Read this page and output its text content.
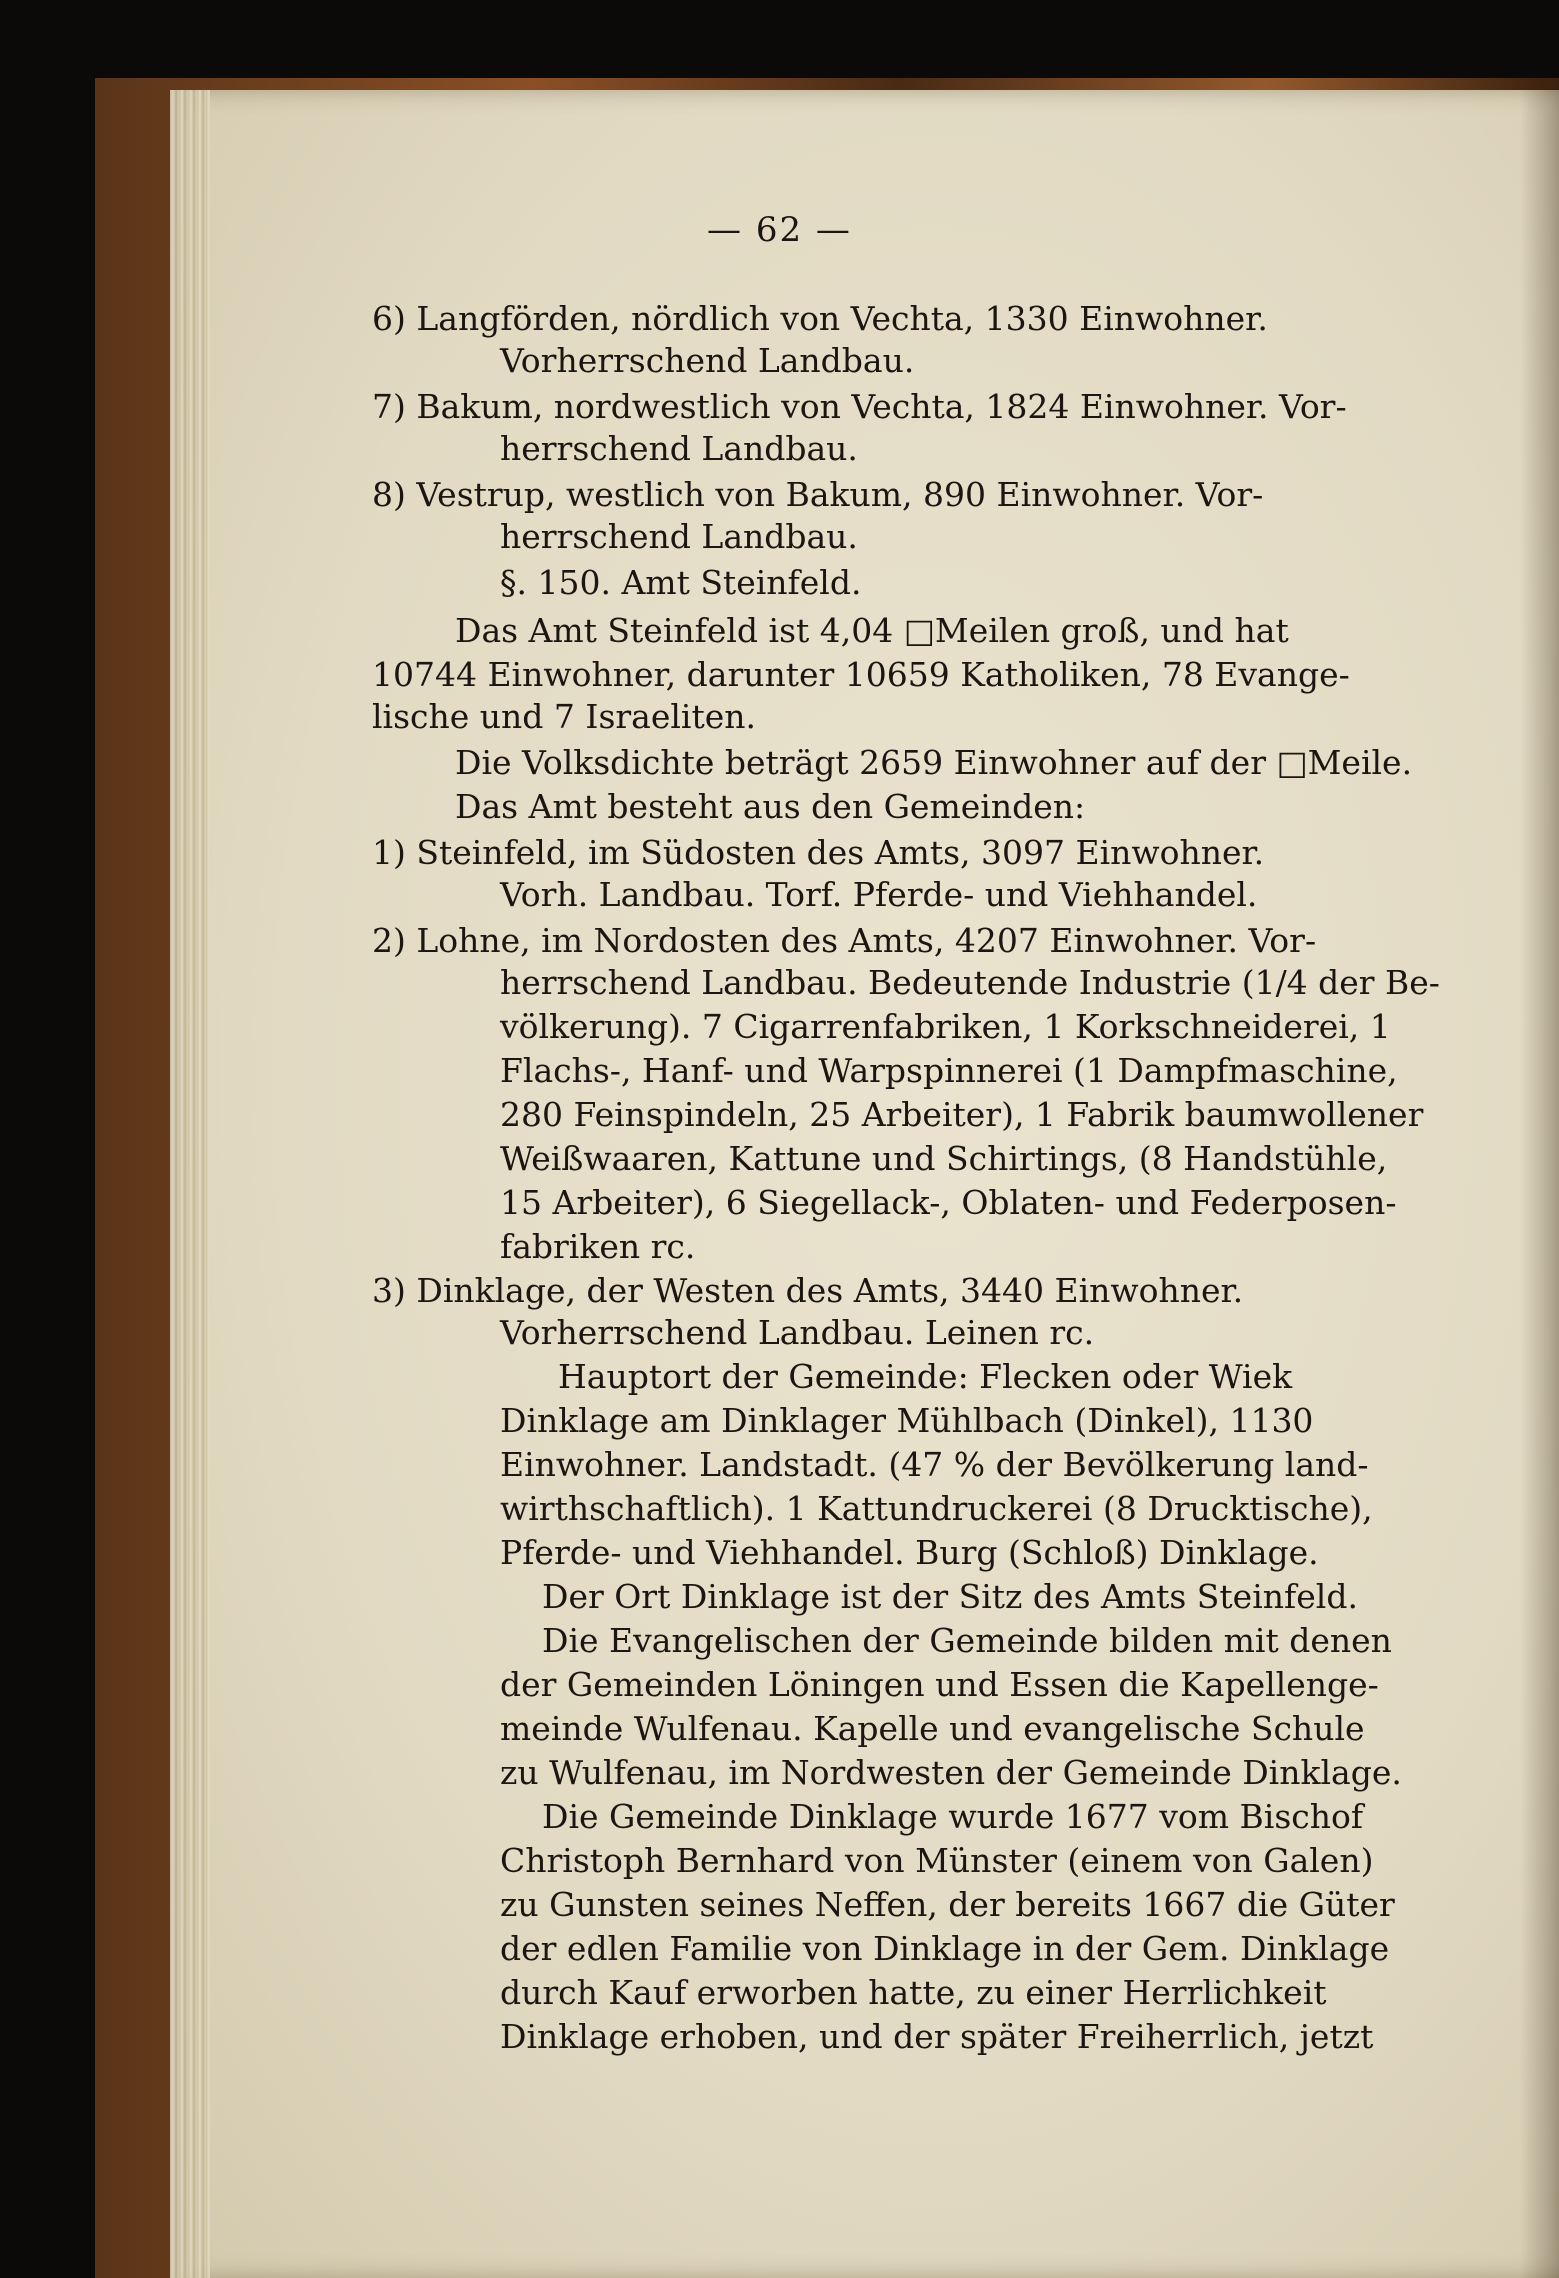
— 62 —
6) Langförden, nördlich von Vechta, 1330 Einwohner.
Vorherrschend Landbau.
7) Bakum, nordwestlich von Vechta, 1824 Einwohner. Vor-
herrschend Landbau.
8) Vestrup, westlich von Bakum, 890 Einwohner. Vor-
herrschend Landbau.
§. 150. Amt Steinfeld.
Das Amt Steinfeld ist 4,04 □Meilen groß, und hat
10744 Einwohner, darunter 10659 Katholiken, 78 Evange-
lische und 7 Israeliten.
Die Volksdichte beträgt 2659 Einwohner auf der □Meile.
Das Amt besteht aus den Gemeinden:
1) Steinfeld, im Südosten des Amts, 3097 Einwohner.
Vorh. Landbau. Torf. Pferde- und Viehhandel.
2) Lohne, im Nordosten des Amts, 4207 Einwohner. Vor-
herrschend Landbau. Bedeutende Industrie (1/4 der Be-
völkerung). 7 Cigarrenfabriken, 1 Korkschneiderei, 1
Flachs-, Hanf- und Warpspinnerei (1 Dampfmaschine,
280 Feinspindeln, 25 Arbeiter), 1 Fabrik baumwollener
Weißwaaren, Kattune und Schirtings, (8 Handstühle,
15 Arbeiter), 6 Siegellack-, Oblaten- und Federposen-
fabriken rc.
3) Dinklage, der Westen des Amts, 3440 Einwohner.
Vorherrschend Landbau. Leinen rc.
Hauptort der Gemeinde: Flecken oder Wiek
Dinklage am Dinklager Mühlbach (Dinkel), 1130
Einwohner. Landstadt. (47 % der Bevölkerung land-
wirthschaftlich). 1 Kattundruckerei (8 Drucktische),
Pferde- und Viehhandel. Burg (Schloß) Dinklage.
Der Ort Dinklage ist der Sitz des Amts Steinfeld.
Die Evangelischen der Gemeinde bilden mit denen
der Gemeinden Löningen und Essen die Kapellenge-
meinde Wulfenau. Kapelle und evangelische Schule
zu Wulfenau, im Nordwesten der Gemeinde Dinklage.
Die Gemeinde Dinklage wurde 1677 vom Bischof
Christoph Bernhard von Münster (einem von Galen)
zu Gunsten seines Neffen, der bereits 1667 die Güter
der edlen Familie von Dinklage in der Gem. Dinklage
durch Kauf erworben hatte, zu einer Herrlichkeit
Dinklage erhoben, und der später Freiherrlich, jetzt
